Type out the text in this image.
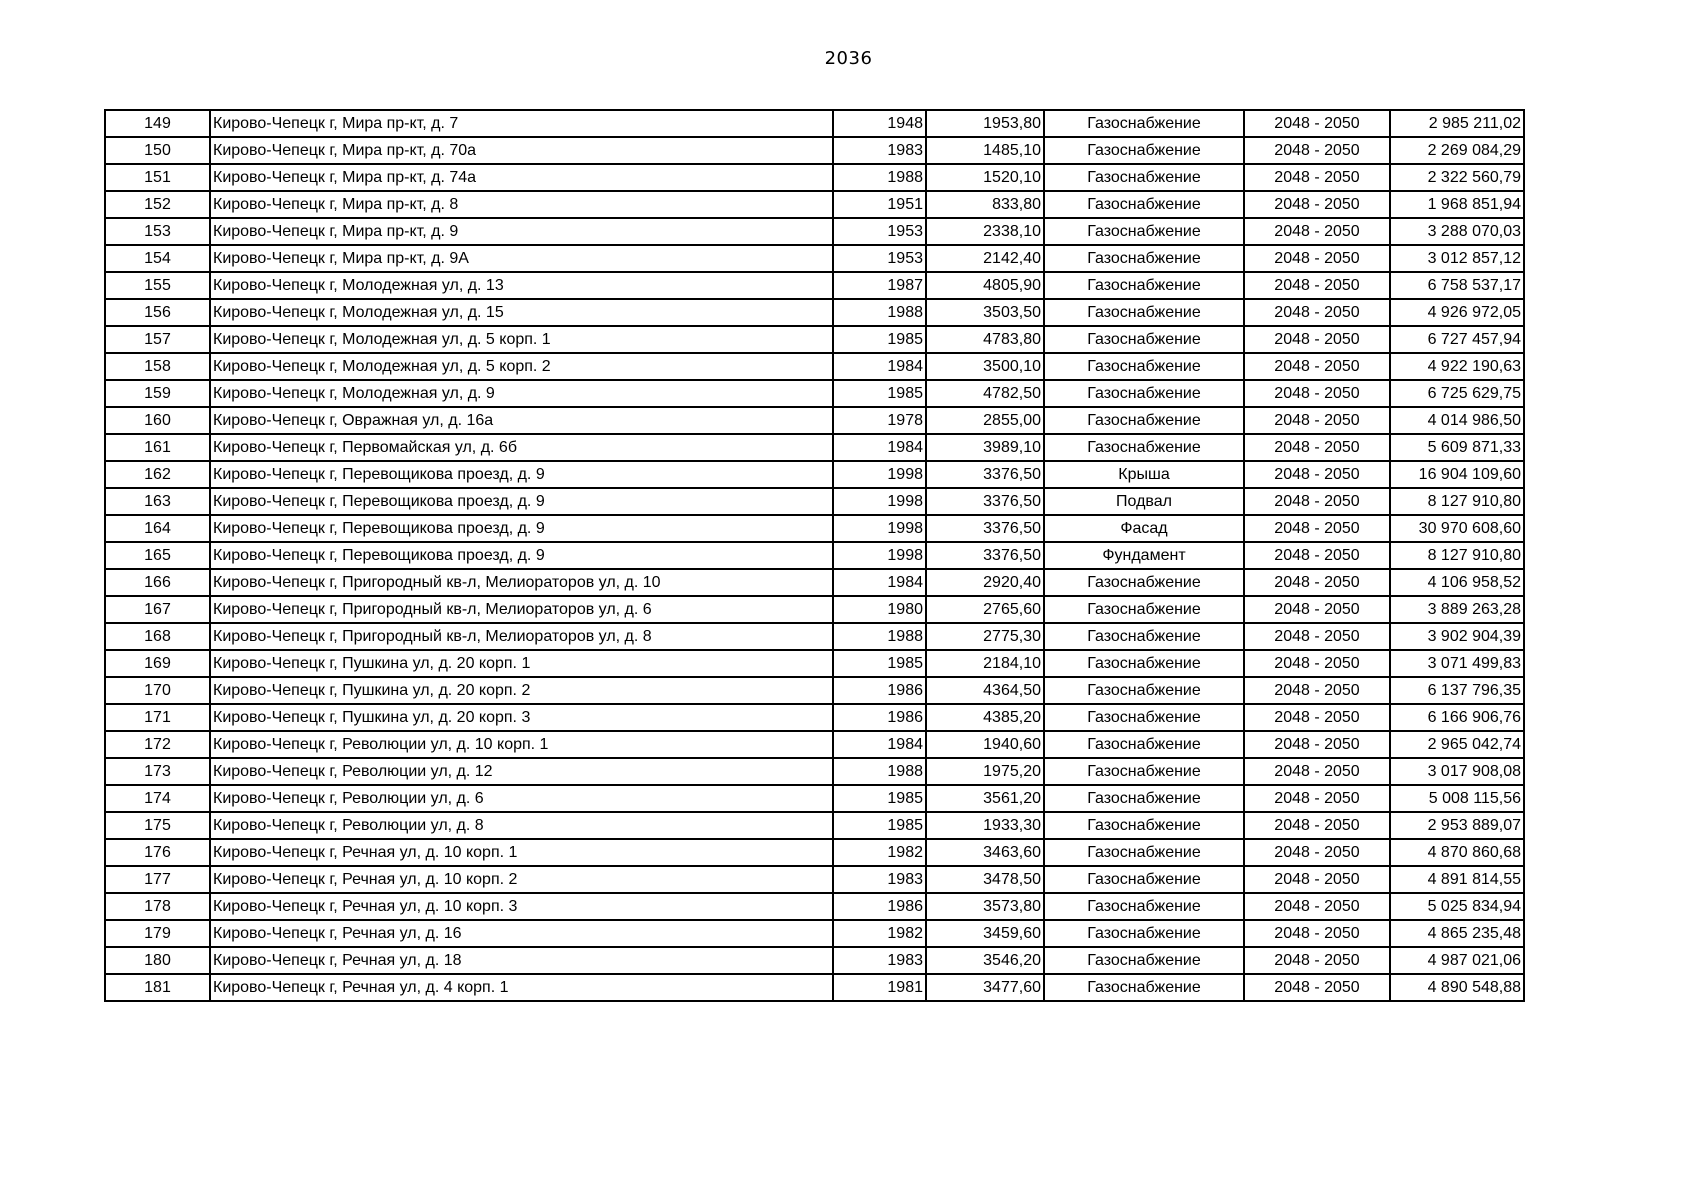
2036
149	Кирово-Чепецк г, Мира пр-кт, д. 7	1948	1953,80	Газоснабжение	2048 - 2050	2 985 211,02
150	Кирово-Чепецк г, Мира пр-кт, д. 70а	1983	1485,10	Газоснабжение	2048 - 2050	2 269 084,29
151	Кирово-Чепецк г, Мира пр-кт, д. 74а	1988	1520,10	Газоснабжение	2048 - 2050	2 322 560,79
152	Кирово-Чепецк г, Мира пр-кт, д. 8	1951	833,80	Газоснабжение	2048 - 2050	1 968 851,94
153	Кирово-Чепецк г, Мира пр-кт, д. 9	1953	2338,10	Газоснабжение	2048 - 2050	3 288 070,03
154	Кирово-Чепецк г, Мира пр-кт, д. 9А	1953	2142,40	Газоснабжение	2048 - 2050	3 012 857,12
155	Кирово-Чепецк г, Молодежная ул, д. 13	1987	4805,90	Газоснабжение	2048 - 2050	6 758 537,17
156	Кирово-Чепецк г, Молодежная ул, д. 15	1988	3503,50	Газоснабжение	2048 - 2050	4 926 972,05
157	Кирово-Чепецк г, Молодежная ул, д. 5 корп. 1	1985	4783,80	Газоснабжение	2048 - 2050	6 727 457,94
158	Кирово-Чепецк г, Молодежная ул, д. 5 корп. 2	1984	3500,10	Газоснабжение	2048 - 2050	4 922 190,63
159	Кирово-Чепецк г, Молодежная ул, д. 9	1985	4782,50	Газоснабжение	2048 - 2050	6 725 629,75
160	Кирово-Чепецк г, Овражная ул, д. 16а	1978	2855,00	Газоснабжение	2048 - 2050	4 014 986,50
161	Кирово-Чепецк г, Первомайская ул, д. 6б	1984	3989,10	Газоснабжение	2048 - 2050	5 609 871,33
162	Кирово-Чепецк г, Перевощикова проезд, д. 9	1998	3376,50	Крыша	2048 - 2050	16 904 109,60
163	Кирово-Чепецк г, Перевощикова проезд, д. 9	1998	3376,50	Подвал	2048 - 2050	8 127 910,80
164	Кирово-Чепецк г, Перевощикова проезд, д. 9	1998	3376,50	Фасад	2048 - 2050	30 970 608,60
165	Кирово-Чепецк г, Перевощикова проезд, д. 9	1998	3376,50	Фундамент	2048 - 2050	8 127 910,80
166	Кирово-Чепецк г, Пригородный кв-л, Мелиораторов ул, д. 10	1984	2920,40	Газоснабжение	2048 - 2050	4 106 958,52
167	Кирово-Чепецк г, Пригородный кв-л, Мелиораторов ул, д. 6	1980	2765,60	Газоснабжение	2048 - 2050	3 889 263,28
168	Кирово-Чепецк г, Пригородный кв-л, Мелиораторов ул, д. 8	1988	2775,30	Газоснабжение	2048 - 2050	3 902 904,39
169	Кирово-Чепецк г, Пушкина ул, д. 20 корп. 1	1985	2184,10	Газоснабжение	2048 - 2050	3 071 499,83
170	Кирово-Чепецк г, Пушкина ул, д. 20 корп. 2	1986	4364,50	Газоснабжение	2048 - 2050	6 137 796,35
171	Кирово-Чепецк г, Пушкина ул, д. 20 корп. 3	1986	4385,20	Газоснабжение	2048 - 2050	6 166 906,76
172	Кирово-Чепецк г, Революции ул, д. 10 корп. 1	1984	1940,60	Газоснабжение	2048 - 2050	2 965 042,74
173	Кирово-Чепецк г, Революции ул, д. 12	1988	1975,20	Газоснабжение	2048 - 2050	3 017 908,08
174	Кирово-Чепецк г, Революции ул, д. 6	1985	3561,20	Газоснабжение	2048 - 2050	5 008 115,56
175	Кирово-Чепецк г, Революции ул, д. 8	1985	1933,30	Газоснабжение	2048 - 2050	2 953 889,07
176	Кирово-Чепецк г, Речная ул, д. 10 корп. 1	1982	3463,60	Газоснабжение	2048 - 2050	4 870 860,68
177	Кирово-Чепецк г, Речная ул, д. 10 корп. 2	1983	3478,50	Газоснабжение	2048 - 2050	4 891 814,55
178	Кирово-Чепецк г, Речная ул, д. 10 корп. 3	1986	3573,80	Газоснабжение	2048 - 2050	5 025 834,94
179	Кирово-Чепецк г, Речная ул, д. 16	1982	3459,60	Газоснабжение	2048 - 2050	4 865 235,48
180	Кирово-Чепецк г, Речная ул, д. 18	1983	3546,20	Газоснабжение	2048 - 2050	4 987 021,06
181	Кирово-Чепецк г, Речная ул, д. 4 корп. 1	1981	3477,60	Газоснабжение	2048 - 2050	4 890 548,88
